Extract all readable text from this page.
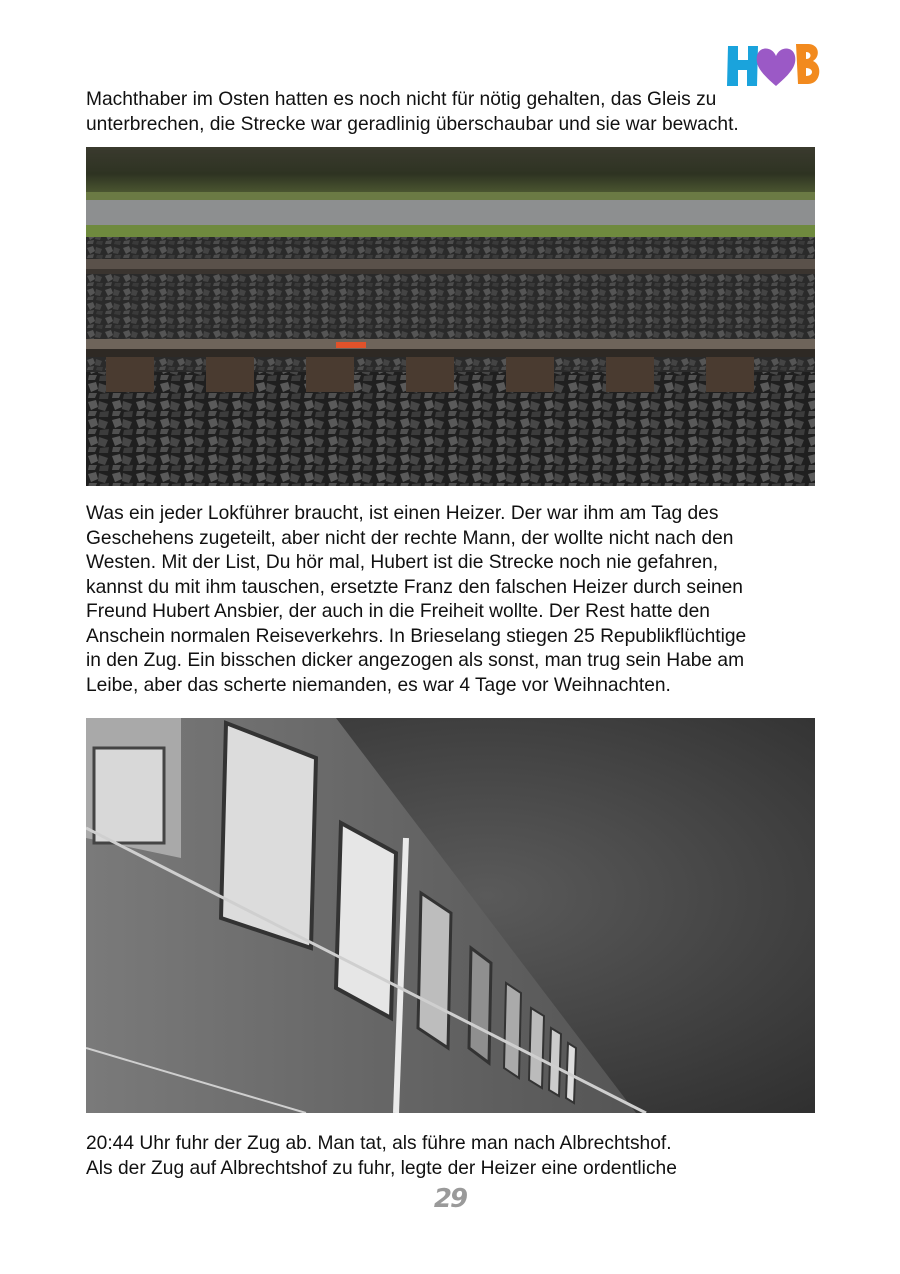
Machthaber im Osten hatten es noch nicht für nötig gehalten, das Gleis zu
unterbrechen, die Strecke war geradlinig überschaubar und sie war bewacht.
Was ein jeder Lokführer braucht, ist einen Heizer. Der war ihm am Tag des
Geschehens zugeteilt, aber nicht der rechte Mann, der wollte nicht nach den
Westen. Mit der List, Du hör mal, Hubert ist die Strecke noch nie gefahren,
kannst du mit ihm tauschen, ersetzte Franz den falschen Heizer durch seinen
Freund Hubert Ansbier, der auch in die Freiheit wollte. Der Rest hatte den
Anschein normalen Reiseverkehrs. In Brieselang stiegen 25 Republikflüchtige
in den Zug. Ein bisschen dicker angezogen als sonst, man trug sein Habe am
Leibe, aber das scherte niemanden, es war 4 Tage vor Weihnachten.
20:44 Uhr fuhr der Zug ab. Man tat, als führe man nach Albrechtshof.
Als der Zug auf Albrechtshof zu fuhr, legte der Heizer eine ordentliche
29
